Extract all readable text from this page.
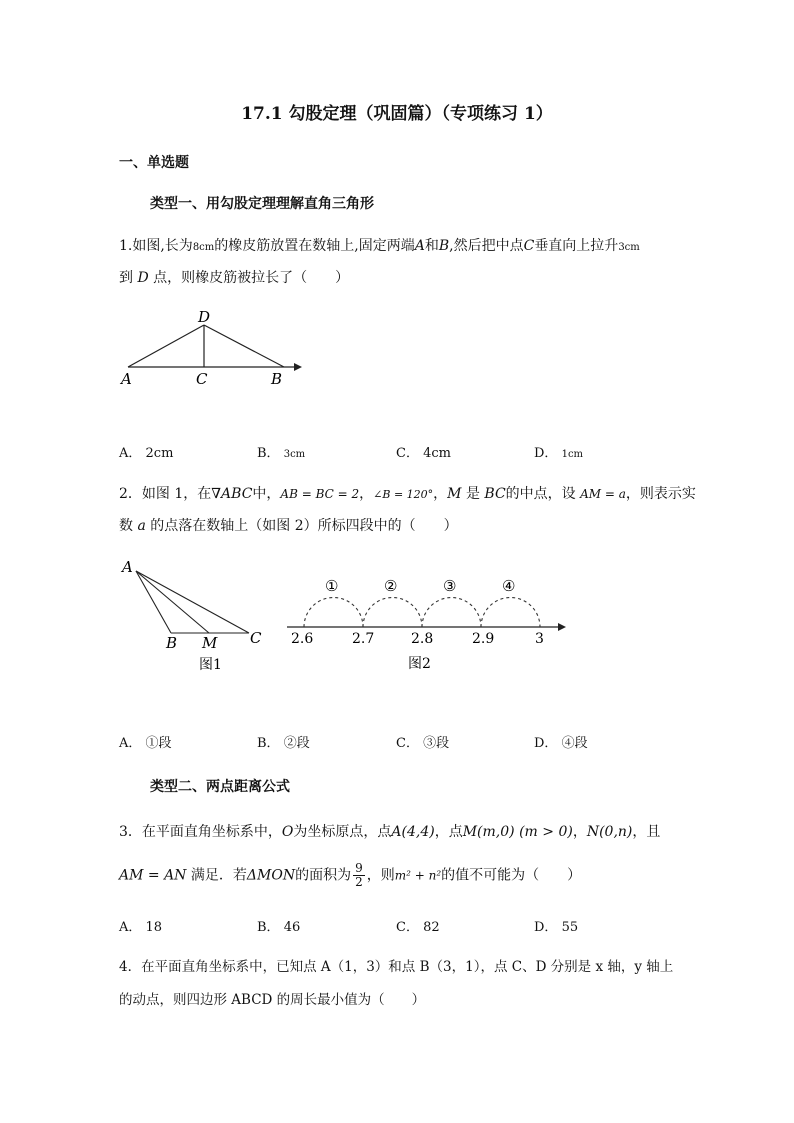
17.1 勾股定理（巩固篇）（专项练习 1）
一、单选题
类型一、用勾股定理理解直角三角形
1.如图,长为8cm的橡皮筋放置在数轴上,固定两端A和B,然后把中点C垂直向上拉升3cm
到 D 点，则橡皮筋被拉长了（　　）
D
A	C	B
A． 2cm	B． 3cm	C． 4cm	D． 1cm
2．如图 1，在∇ABC中，AB = BC = 2，∠B = 120°，M 是 BC的中点，设 AM = a，则表示实
数 a 的点落在数轴上（如图 2）所标四段中的（　　）
A
B M C
图1
①	②	③	④
2.6	2.7	2.8	2.9	3
图2
A． ①段	B． ②段	C． ③段	D． ④段
类型二、两点距离公式
3．在平面直角坐标系中，O为坐标原点，点A(4,4)，点M(m,0) (m > 0)，N(0,n)，且
AM = AN 满足．若ΔMON的面积为 $\frac{9}{2}$ ，则m² + n²的值不可能为（　　）
A． 18	B． 46	C． 82	D． 55
4．在平面直角坐标系中，已知点 A（1，3）和点 B（3，1），点 C、D 分别是 x 轴，y 轴上
的动点，则四边形 ABCD 的周长最小值为（　　）
